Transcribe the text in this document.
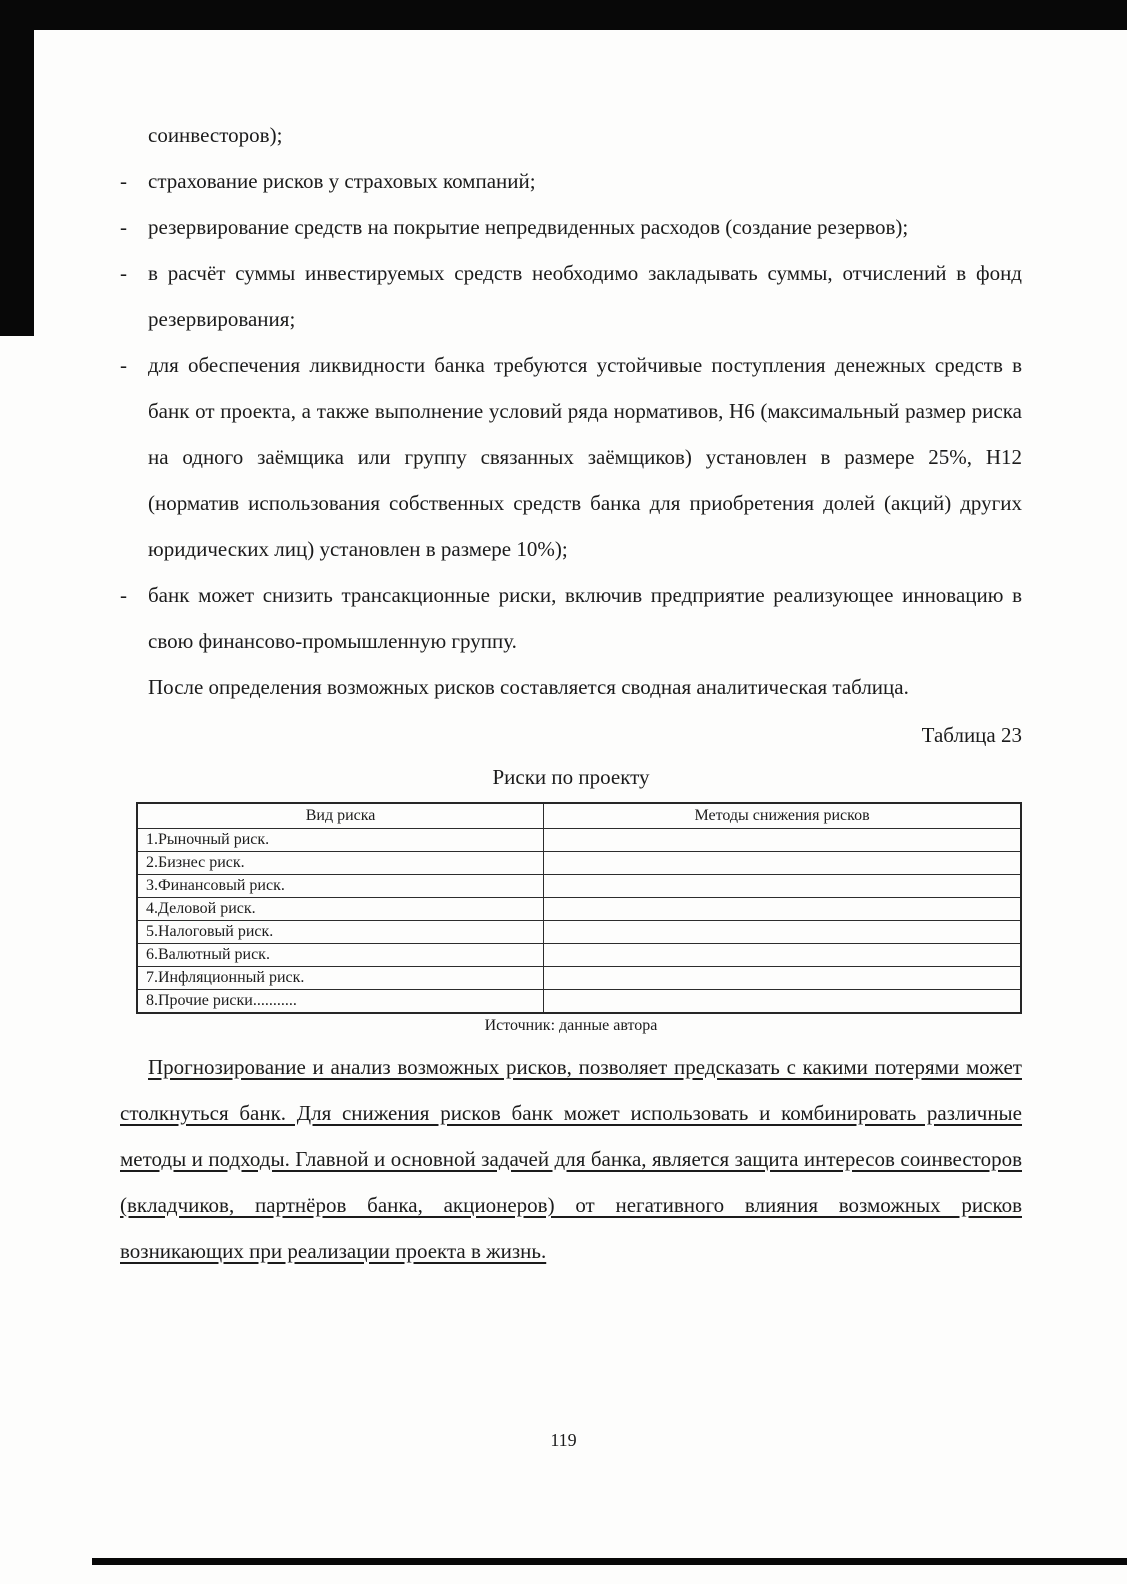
соинвесторов);
- страхование рисков у страховых компаний;
- резервирование средств на покрытие непредвиденных расходов (создание резервов);
- в расчёт суммы инвестируемых средств необходимо закладывать суммы, отчислений в фонд резервирования;
- для обеспечения ликвидности банка требуются устойчивые поступления денежных средств в банк от проекта, а также выполнение условий ряда нормативов, Н6 (максимальный размер риска на одного заёмщика или группу связанных заёмщиков) установлен в размере 25%, Н12 (норматив использования собственных средств банка для приобретения долей (акций) других юридических лиц) установлен в размере 10%);
- банк может снизить трансакционные риски, включив предприятие реализующее инновацию в свою финансово-промышленную группу.
После определения возможных рисков составляется сводная аналитическая таблица.
Таблица 23
Риски по проекту
Вид риска	Методы снижения рисков
1.Рыночный риск.	
2.Бизнес риск.	
3.Финансовый риск.	
4.Деловой риск.	
5.Налоговый риск.	
6.Валютный риск.	
7.Инфляционный риск.	
8.Прочие риски...........	
Источник: данные автора
Прогнозирование и анализ возможных рисков, позволяет предсказать с какими потерями может столкнуться банк. Для снижения рисков банк может использовать и комбинировать различные методы и подходы. Главной и основной задачей для банка, является защита интересов соинвесторов (вкладчиков, партнёров банка, акционеров) от негативного влияния возможных рисков возникающих при реализации проекта в жизнь.
119
